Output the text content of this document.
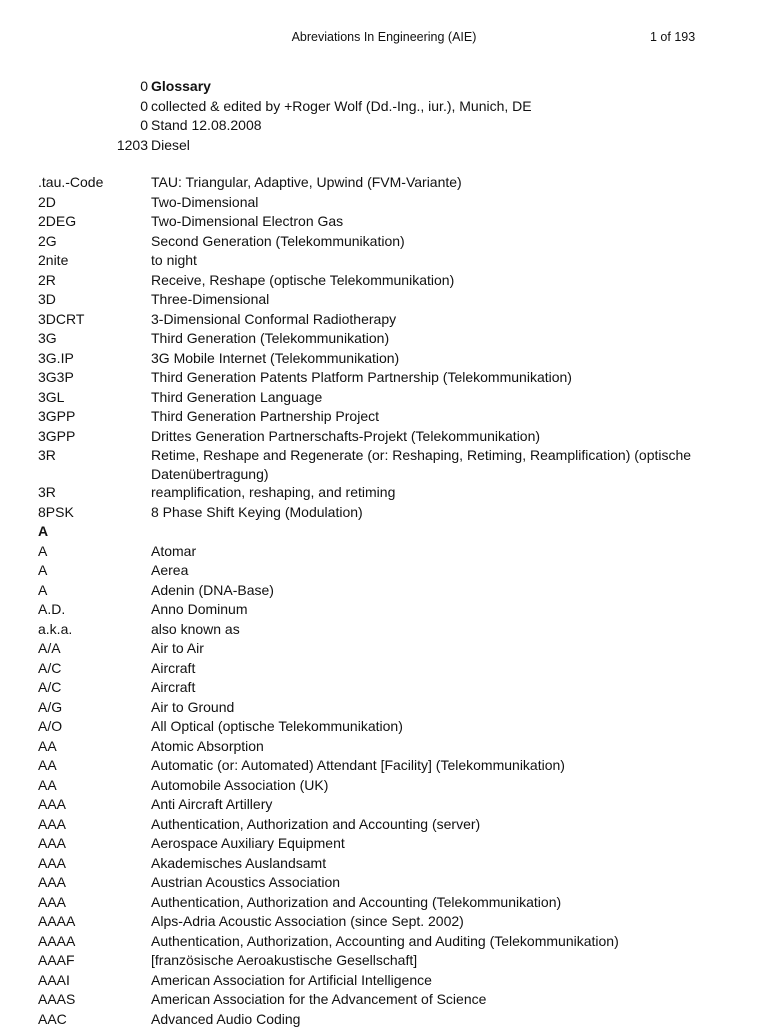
Abreviations In Engineering (AIE)	1 of 193
0 Glossary
0 collected & edited by +Roger Wolf (Dd.-Ing., iur.), Munich, DE
0 Stand 12.08.2008
1203 Diesel
.tau.-Code	TAU: Triangular, Adaptive, Upwind (FVM-Variante)
2D	Two-Dimensional
2DEG	Two-Dimensional Electron Gas
2G	Second Generation (Telekommunikation)
2nite	to night
2R	Receive, Reshape (optische Telekommunikation)
3D	Three-Dimensional
3DCRT	3-Dimensional Conformal Radiotherapy
3G	Third Generation (Telekommunikation)
3G.IP	3G Mobile Internet (Telekommunikation)
3G3P	Third Generation Patents Platform Partnership (Telekommunikation)
3GL	Third Generation Language
3GPP	Third Generation Partnership Project
3GPP	Drittes Generation Partnerschafts-Projekt (Telekommunikation)
3R	Retime, Reshape and Regenerate (or: Reshaping, Retiming, Reamplification) (optische Datenübertragung)
3R	reamplification, reshaping, and retiming
8PSK	8 Phase Shift Keying (Modulation)
A
A	Atomar
A	Aerea
A	Adenin (DNA-Base)
A.D.	Anno Dominum
a.k.a.	also known as
A/A	Air to Air
A/C	Aircraft
A/C	Aircraft
A/G	Air to Ground
A/O	All Optical (optische Telekommunikation)
AA	Atomic Absorption
AA	Automatic (or: Automated) Attendant [Facility] (Telekommunikation)
AA	Automobile Association (UK)
AAA	Anti Aircraft Artillery
AAA	Authentication, Authorization and Accounting (server)
AAA	Aerospace Auxiliary Equipment
AAA	Akademisches Auslandsamt
AAA	Austrian Acoustics Association
AAA	Authentication, Authorization and Accounting (Telekommunikation)
AAAA	Alps-Adria Acoustic Association (since Sept. 2002)
AAAA	Authentication, Authorization, Accounting and Auditing (Telekommunikation)
AAAF	[französische Aeroakustische Gesellschaft]
AAAI	American Association for Artificial Intelligence
AAAS	American Association for the Advancement of Science
AAC	Advanced Audio Coding
